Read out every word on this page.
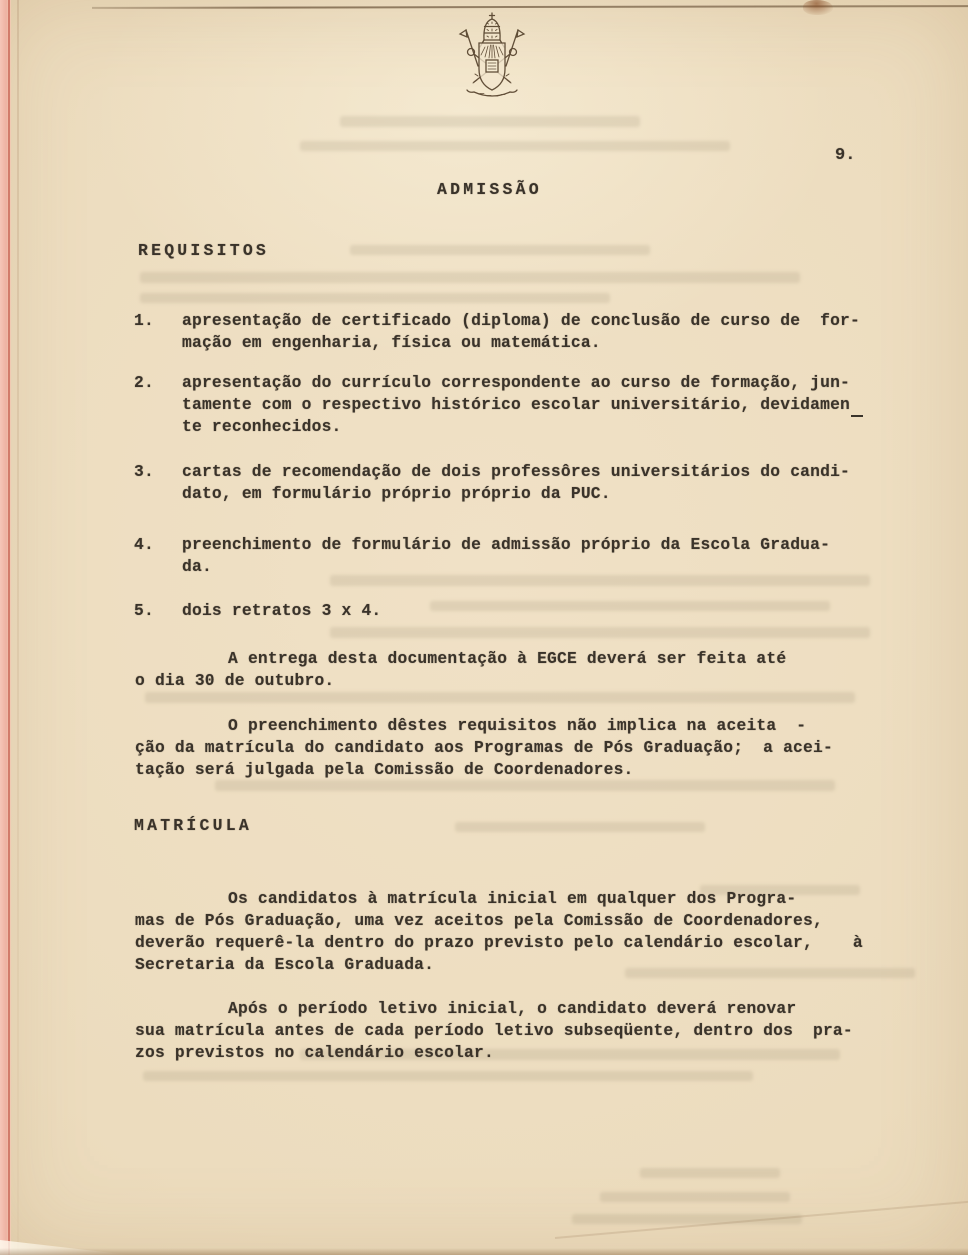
9.
ADMISSÃO
REQUISITOS
1.	apresentação de certificado (diploma) de conclusão de curso de  for-
mação em engenharia, física ou matemática.
2.	apresentação do currículo correspondente ao curso de formação, jun-
tamente com o respectivo histórico escolar universitário, devidamen
te reconhecidos.
3.	cartas de recomendação de dois professôres universitários do candi-
dato, em formulário próprio próprio da PUC.
4.	preenchimento de formulário de admissão próprio da Escola Gradua-
da.
5.	dois retratos 3 x 4.
A entrega desta documentação à EGCE deverá ser feita até
o dia 30 de outubro.
O preenchimento dêstes requisitos não implica na aceita  -
ção da matrícula do candidato aos Programas de Pós Graduação;  a acei-
tação será julgada pela Comissão de Coordenadores.
MATRÍCULA
Os candidatos à matrícula inicial em qualquer dos Progra-
mas de Pós Graduação, uma vez aceitos pela Comissão de Coordenadores,
deverão requerê-la dentro do prazo previsto pelo calendário escolar,    à
Secretaria da Escola Graduada.
Após o período letivo inicial, o candidato deverá renovar
sua matrícula antes de cada período letivo subseqüente, dentro dos  pra-
zos previstos no calendário escolar.
